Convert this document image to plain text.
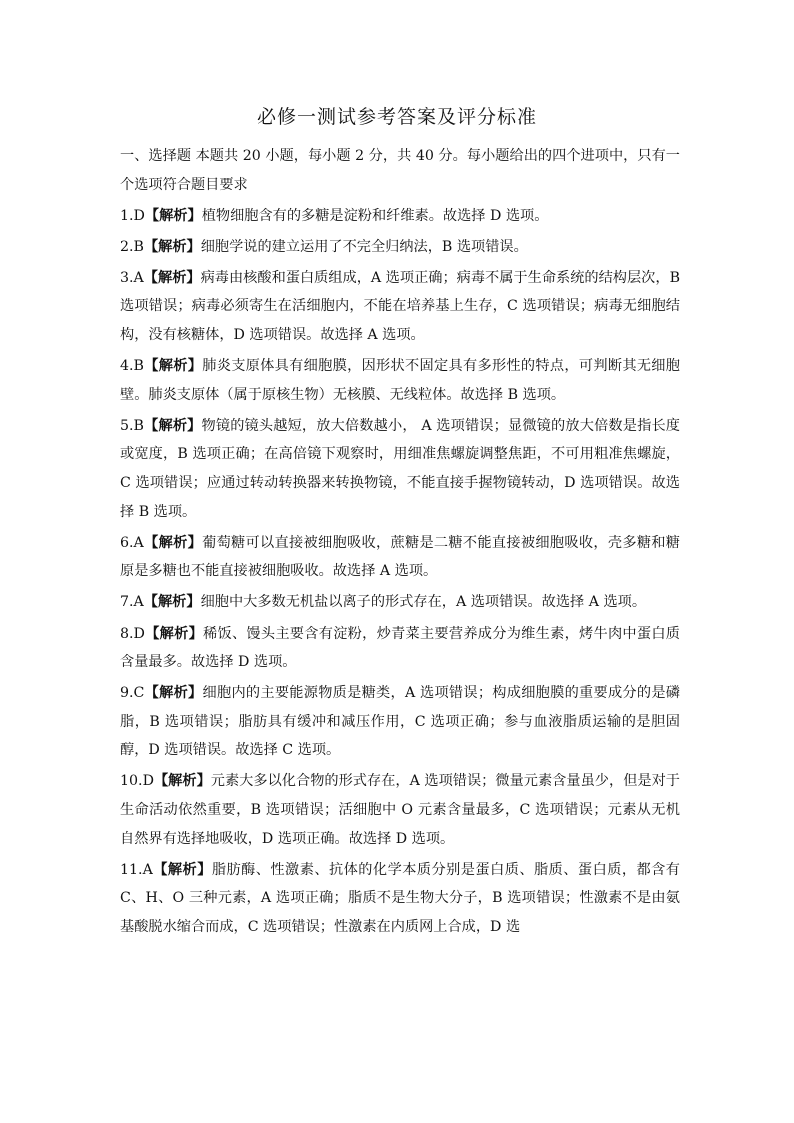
必修一测试参考答案及评分标准

一、选择题 本题共 20 小题，每小题 2 分，共 40 分。每小题给出的四个进项中，只有一个选项符合题目要求

1.D【解析】植物细胞含有的多糖是淀粉和纤维素。故选择 D 选项。

2.B【解析】细胞学说的建立运用了不完全归纳法，B 选项错误。

3.A【解析】病毒由核酸和蛋白质组成，A 选项正确；病毒不属于生命系统的结构层次，B 选项错误；病毒必须寄生在活细胞内，不能在培养基上生存，C 选项错误；病毒无细胞结构，没有核糖体，D 选项错误。故选择 A 选项。

4.B【解析】肺炎支原体具有细胞膜，因形状不固定具有多形性的特点，可判断其无细胞壁。肺炎支原体（属于原核生物）无核膜、无线粒体。故选择 B 选项。

5.B【解析】物镜的镜头越短，放大倍数越小， A 选项错误；显微镜的放大倍数是指长度或宽度，B 选项正确；在高倍镜下观察时，用细准焦螺旋调整焦距，不可用粗准焦螺旋，C 选项错误；应通过转动转换器来转换物镜，不能直接手握物镜转动，D 选项错误。故选择 B 选项。

6.A【解析】葡萄糖可以直接被细胞吸收，蔗糖是二糖不能直接被细胞吸收，壳多糖和糖原是多糖也不能直接被细胞吸收。故选择 A 选项。

7.A【解析】细胞中大多数无机盐以离子的形式存在，A 选项错误。故选择 A 选项。

8.D【解析】稀饭、馒头主要含有淀粉，炒青菜主要营养成分为维生素，烤牛肉中蛋白质含量最多。故选择 D 选项。

9.C【解析】细胞内的主要能源物质是糖类，A 选项错误；构成细胞膜的重要成分的是磷脂，B 选项错误；脂肪具有缓冲和减压作用，C 选项正确；参与血液脂质运输的是胆固醇，D 选项错误。故选择 C 选项。

10.D【解析】元素大多以化合物的形式存在，A 选项错误；微量元素含量虽少，但是对于生命活动依然重要，B 选项错误；活细胞中 O 元素含量最多，C 选项错误；元素从无机自然界有选择地吸收，D 选项正确。故选择 D 选项。

11.A【解析】脂肪酶、性激素、抗体的化学本质分别是蛋白质、脂质、蛋白质，都含有 C、H、O 三种元素，A 选项正确；脂质不是生物大分子，B 选项错误；性激素不是由氨基酸脱水缩合而成，C 选项错误；性激素在内质网上合成，D 选
